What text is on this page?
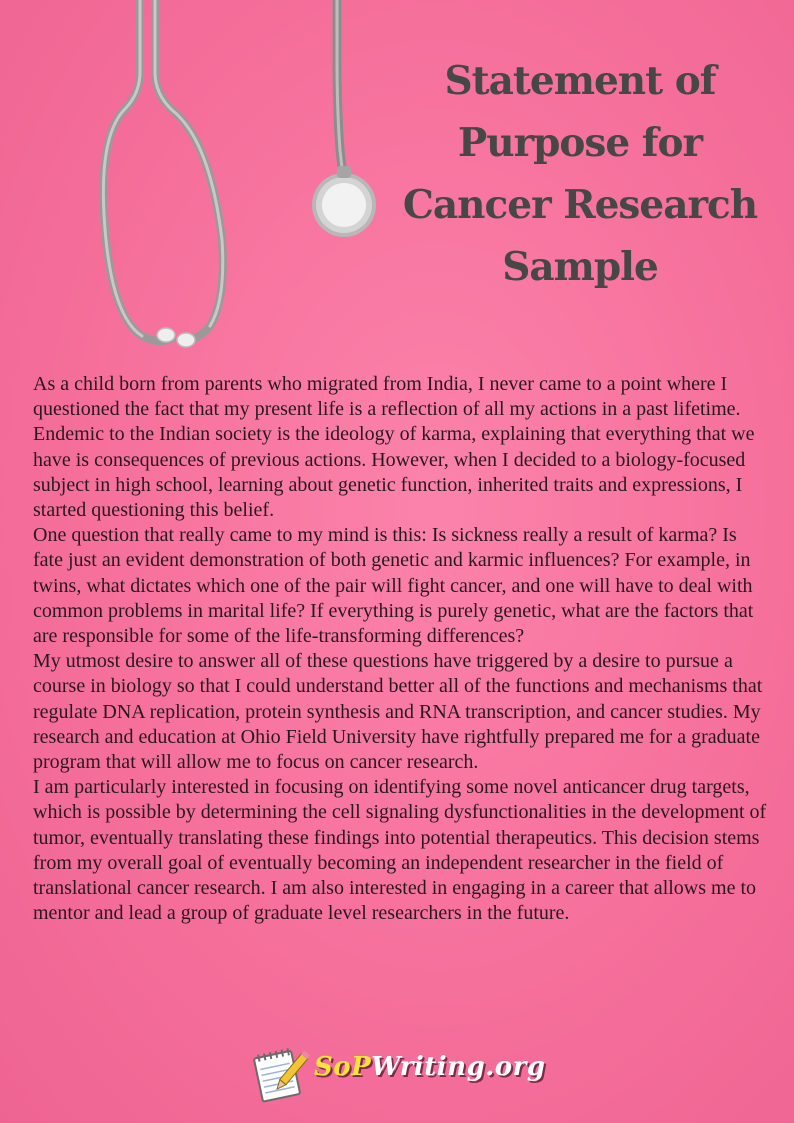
Statement of
Purpose for
Cancer Research
Sample

As a child born from parents who migrated from India, I never came to a point where I questioned the fact that my present life is a reflection of all my actions in a past lifetime. Endemic to the Indian society is the ideology of karma, explaining that everything that we have is consequences of previous actions. However, when I decided to a biology-focused subject in high school, learning about genetic function, inherited traits and expressions, I started questioning this belief.

One question that really came to my mind is this: Is sickness really a result of karma? Is fate just an evident demonstration of both genetic and karmic influences? For example, in twins, what dictates which one of the pair will fight cancer, and one will have to deal with common problems in marital life? If everything is purely genetic, what are the factors that are responsible for some of the life-transforming differences?

My utmost desire to answer all of these questions have triggered by a desire to pursue a course in biology so that I could understand better all of the functions and mechanisms that regulate DNA replication, protein synthesis and RNA transcription, and cancer studies. My research and education at Ohio Field University have rightfully prepared me for a graduate program that will allow me to focus on cancer research.

I am particularly interested in focusing on identifying some novel anticancer drug targets, which is possible by determining the cell signaling dysfunctionalities in the development of tumor, eventually translating these findings into potential therapeutics. This decision stems from my overall goal of eventually becoming an independent researcher in the field of translational cancer research. I am also interested in engaging in a career that allows me to mentor and lead a group of graduate level researchers in the future.

SoPWriting.org
